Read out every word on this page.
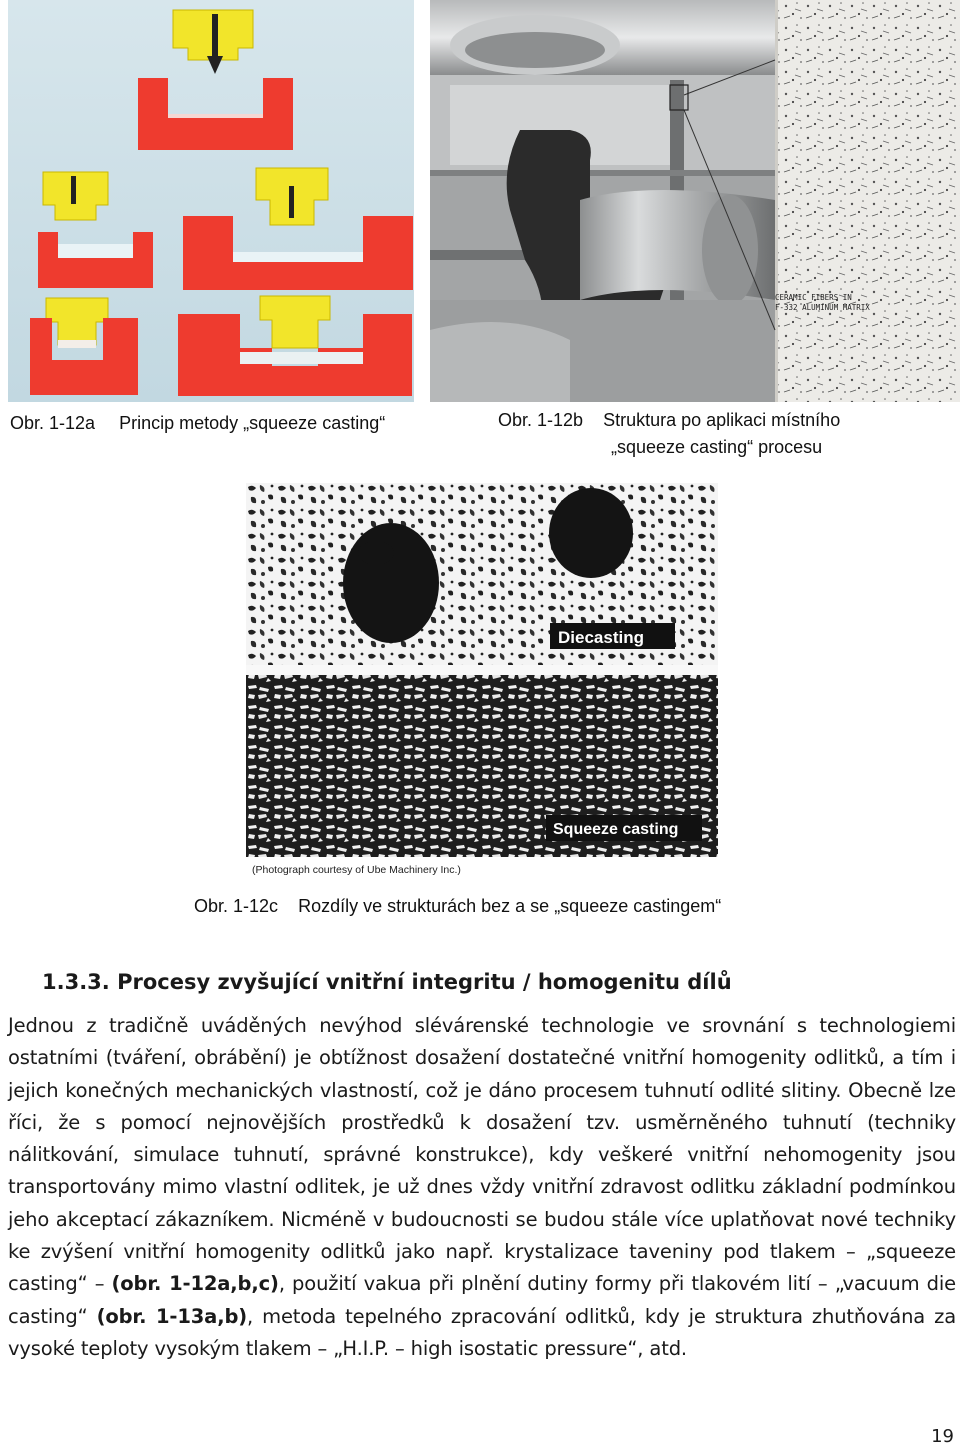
CERAMIC FIBERS IN
F-332 ALUMINUM MATRIX
Obr. 1-12a Princip metody „squeeze casting“	Obr. 1-12b Struktura po aplikaci místního
„squeeze casting“ procesu
Diecasting
Squeeze casting
(Photograph courtesy of Ube Machinery Inc.)
Obr. 1-12c Rozdíly ve strukturách bez a se „squeeze castingem“
1.3.3. Procesy zvyšující vnitřní integritu / homogenitu dílů
Jednou z tradičně uváděných nevýhod slévárenské technologie ve srovnání s technologiemi ostatními (tváření, obrábění) je obtížnost dosažení dostatečné vnitřní homogenity odlitků, a tím i jejich konečných mechanických vlastností, což je dáno procesem tuhnutí odlité slitiny. Obecně lze říci, že s pomocí nejnovějších prostředků k dosažení tzv. usměrněného tuhnutí (techniky nálitkování, simulace tuhnutí, správné konstrukce), kdy veškeré vnitřní nehomogenity jsou transportovány mimo vlastní odlitek, je už dnes vždy vnitřní zdravost odlitku základní podmínkou jeho akceptací zákazníkem. Nicméně v budoucnosti se budou stále více uplatňovat nové techniky ke zvýšení vnitřní homogenity odlitků jako např. krystalizace taveniny pod tlakem – „squeeze casting“ – (obr. 1-12a,b,c), použití vakua při plnění dutiny formy při tlakovém lití – „vacuum die casting“ (obr. 1-13a,b), metoda tepelného zpracování odlitků, kdy je struktura zhutňována za vysoké teploty vysokým tlakem – „H.I.P. – high isostatic pressure“, atd.
19
